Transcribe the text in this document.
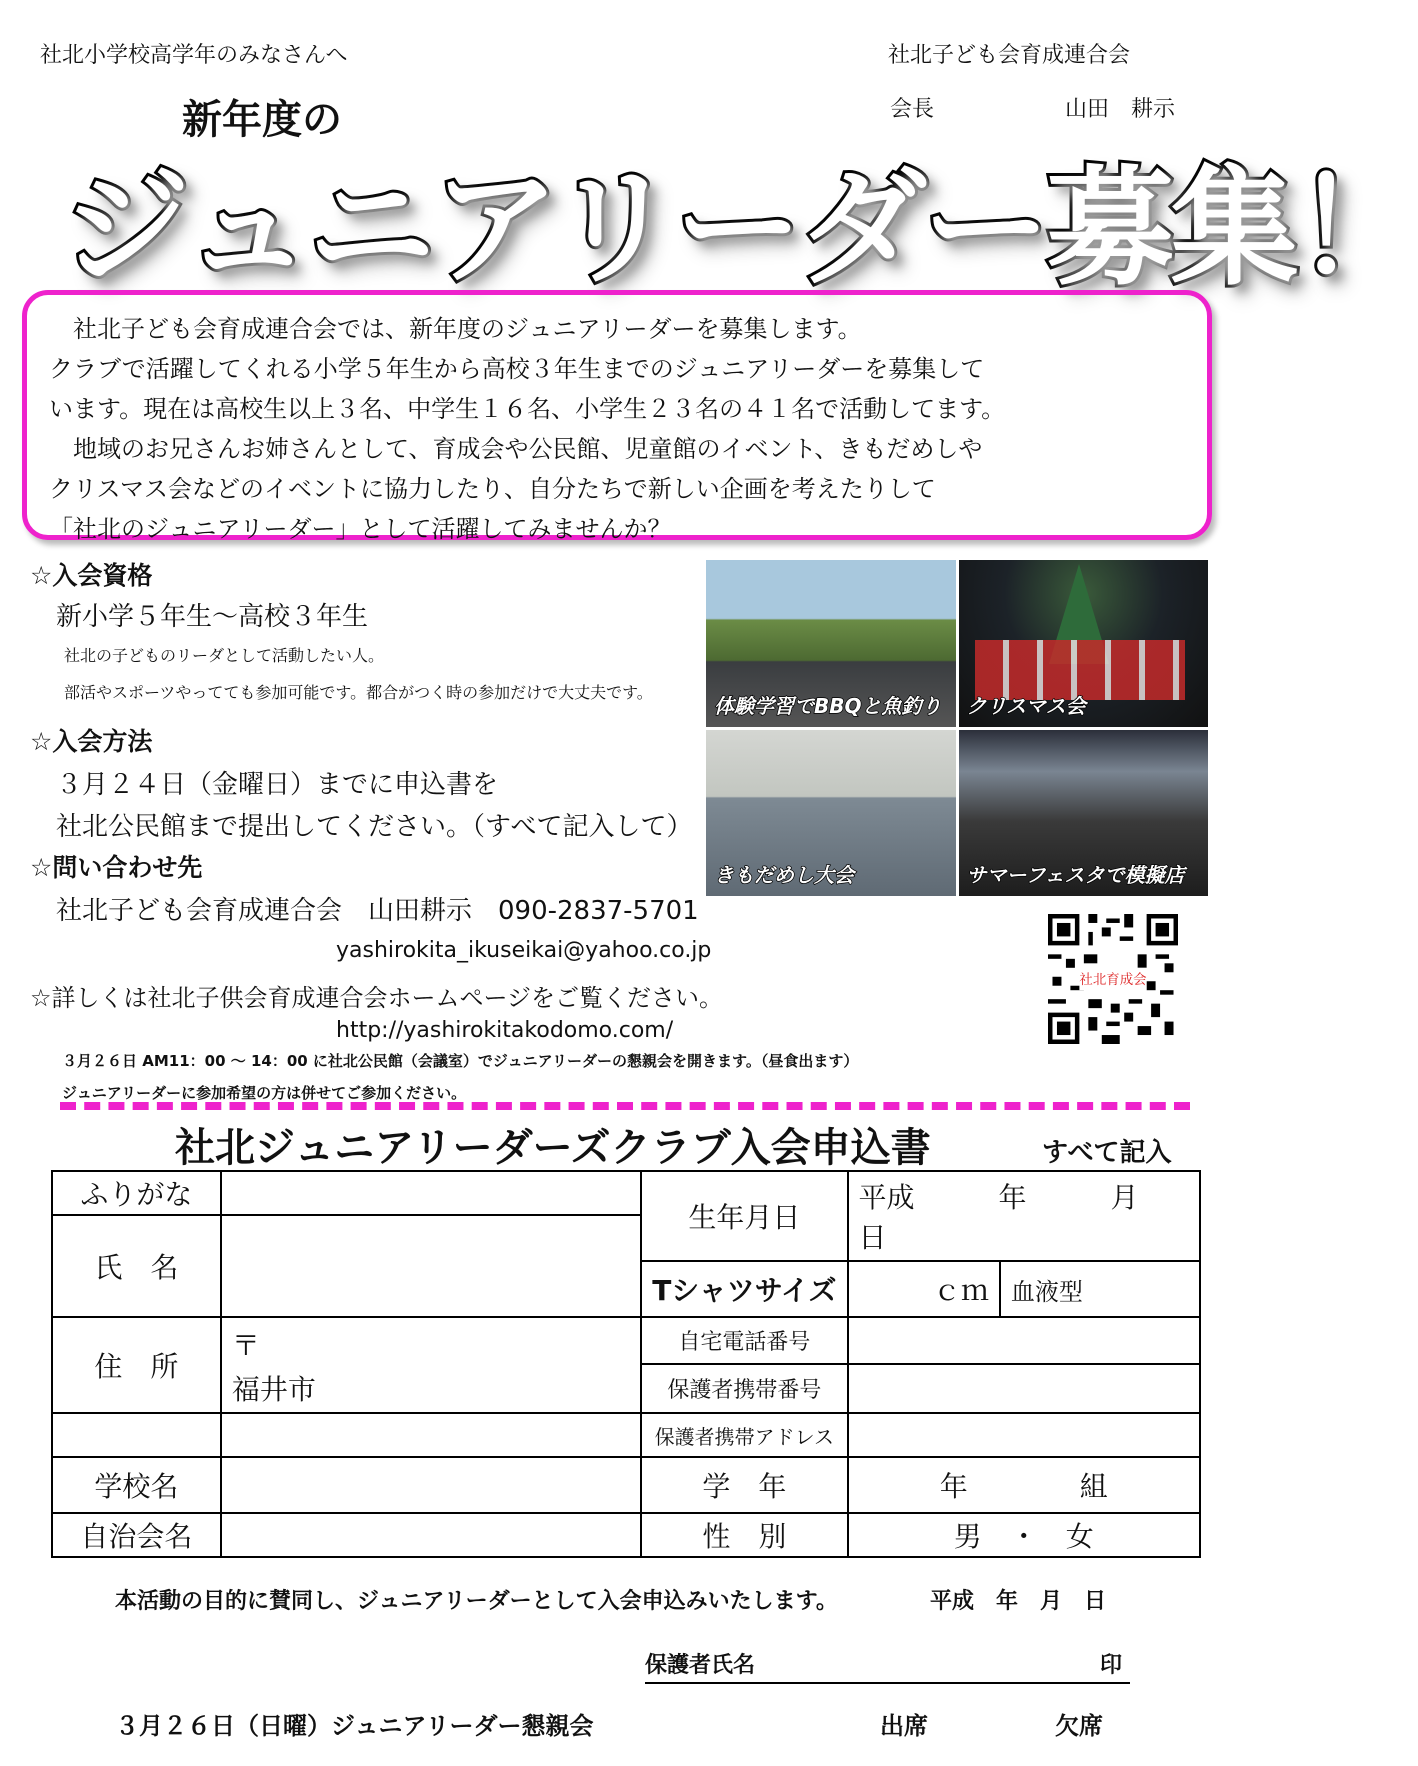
社北小学校高学年のみなさんへ	社北子ども会育成連合会
会長	山田　耕示
新年度の
ジュニアリーダー募集！

　社北子ども会育成連合会では、新年度のジュニアリーダーを募集します。

クラブで活躍してくれる小学５年生から高校３年生までのジュニアリーダーを募集して

います。現在は高校生以上３名、中学生１６名、小学生２３名の４１名で活動してます。

　地域のお兄さんお姉さんとして、育成会や公民館、児童館のイベント、きもだめしや

クリスマス会などのイベントに協力したり、自分たちで新しい企画を考えたりして

「社北のジュニアリーダー」として活躍してみませんか？

☆入会資格
新小学５年生～高校３年生
社北の子どものリーダとして活動したい人。
部活やスポーツやってても参加可能です。都合がつく時の参加だけで大丈夫です。
☆入会方法
３月２４日（金曜日）までに申込書を
社北公民館まで提出してください。（すべて記入して）
☆問い合わせ先
社北子ども会育成連合会　山田耕示　090-2837-5701
yashirokita_ikuseikai@yahoo.co.jp
☆詳しくは社北子供会育成連合会ホームページをご覧ください。
http://yashirokitakodomo.com/
体験学習でBBQと魚釣り クリスマス会
きもだめし大会	サマーフェスタで模擬店
社北育成会
３月２６日 AM11：00 ～ 14：00 に社北公民館（会議室）でジュニアリーダーの懇親会を開きます。（昼食出ます）
ジュニアリーダーに参加希望の方は併せてご参加ください。
社北ジュニアリーダーズクラブ入会申込書	すべて記入
ふりがな		生年月日	平成　　　年　　　月　　　日	
氏　名				
		Tシャツサイズ	ｃｍ	血液型
住　所	〒
福井市	自宅電話番号		
		保護者携帯番号		
		保護者携帯アドレス		
学校名		学　年	年　　　　組	
自治会名		性　別	男　・　女	
本活動の目的に賛同し、ジュニアリーダーとして入会申込みいたします。	平成　年　月　日
保護者氏名	印
３月２６日（日曜）ジュニアリーダー懇親会	出席	欠席
